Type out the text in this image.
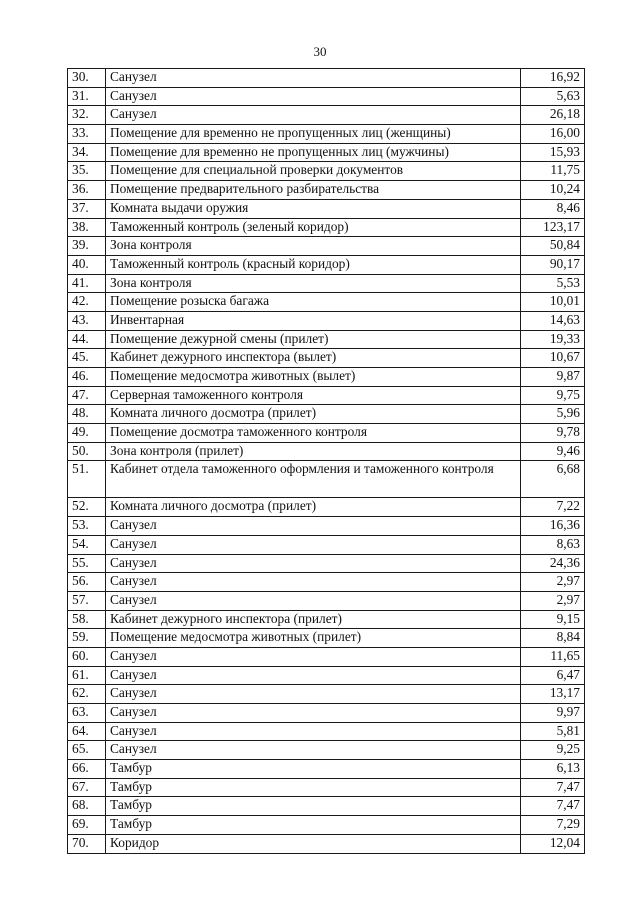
30
30.	Санузел	16,92
31.	Санузел	5,63
32.	Санузел	26,18
33.	Помещение для временно не пропущенных лиц (женщины)	16,00
34.	Помещение для временно не пропущенных лиц (мужчины)	15,93
35.	Помещение для специальной проверки документов	11,75
36.	Помещение предварительного разбирательства	10,24
37.	Комната выдачи оружия	8,46
38.	Таможенный контроль (зеленый коридор)	123,17
39.	Зона контроля	50,84
40.	Таможенный контроль (красный коридор)	90,17
41.	Зона контроля	5,53
42.	Помещение розыска багажа	10,01
43.	Инвентарная	14,63
44.	Помещение дежурной смены (прилет)	19,33
45.	Кабинет дежурного инспектора (вылет)	10,67
46.	Помещение медосмотра животных (вылет)	9,87
47.	Серверная таможенного контроля	9,75
48.	Комната личного досмотра (прилет)	5,96
49.	Помещение досмотра таможенного контроля	9,78
50.	Зона контроля (прилет)	9,46
51.	Кабинет отдела таможенного оформления и таможенного контроля	6,68
52.	Комната личного досмотра (прилет)	7,22
53.	Санузел	16,36
54.	Санузел	8,63
55.	Санузел	24,36
56.	Санузел	2,97
57.	Санузел	2,97
58.	Кабинет дежурного инспектора (прилет)	9,15
59.	Помещение медосмотра животных (прилет)	8,84
60.	Санузел	11,65
61.	Санузел	6,47
62.	Санузел	13,17
63.	Санузел	9,97
64.	Санузел	5,81
65.	Санузел	9,25
66.	Тамбур	6,13
67.	Тамбур	7,47
68.	Тамбур	7,47
69.	Тамбур	7,29
70.	Коридор	12,04
